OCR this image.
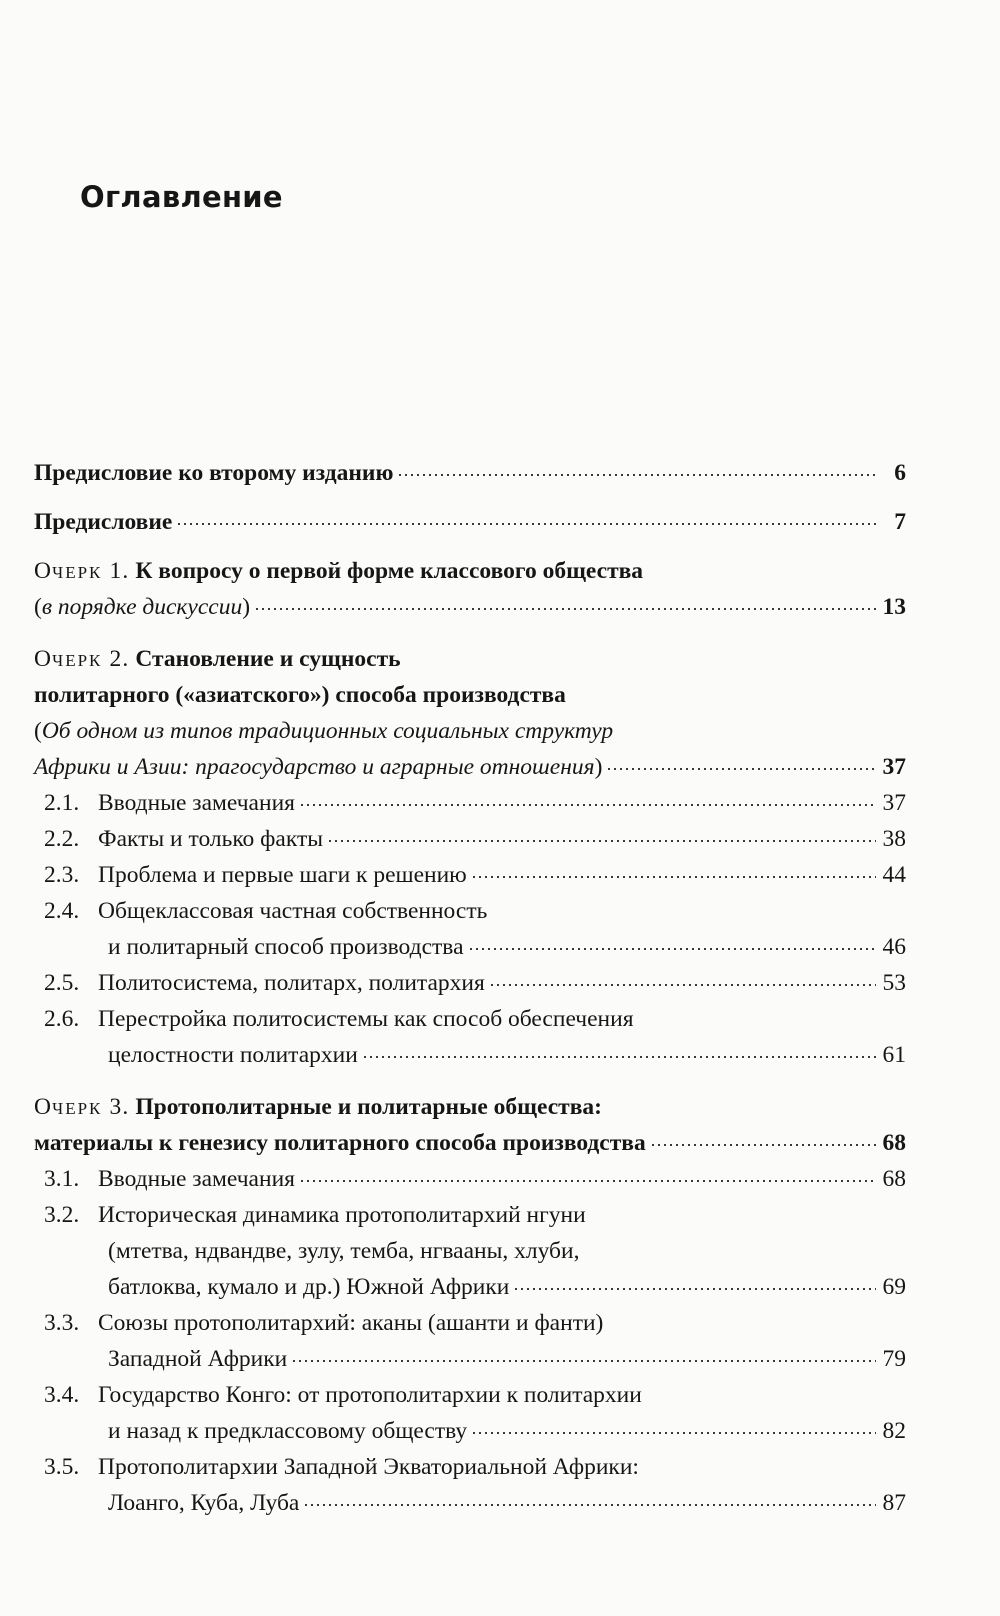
Оглавление
Предисловие ко второму изданию	6
Предисловие	7
ОЧЕРК 1. К вопросу о первой форме классового общества
(в порядке дискуссии)	13
ОЧЕРК 2. Становление и сущность
политарного («азиатского») способа производства
(Об одном из типов традиционных социальных структур
Африки и Азии: прагосударство и аграрные отношения)	37
2.1. Вводные замечания	37
2.2. Факты и только факты	38
2.3. Проблема и первые шаги к решению	44
2.4. Общеклассовая частная собственность
и политарный способ производства	46
2.5. Политосистема, политарх, политархия	53
2.6. Перестройка политосистемы как способ обеспечения
целостности политархии	61
ОЧЕРК 3. Протополитарные и политарные общества:
материалы к генезису политарного способа производства	68
3.1. Вводные замечания	68
3.2. Историческая динамика протополитархий нгуни
(мтетва, ндвандве, зулу, темба, нгвааны, хлуби,
батлоква, кумало и др.) Южной Африки	69
3.3. Союзы протополитархий: аканы (ашанти и фанти)
Западной Африки	79
3.4. Государство Конго: от протополитархии к политархии
и назад к предклассовому обществу	82
3.5. Протополитархии Западной Экваториальной Африки:
Лоанго, Куба, Луба	87
